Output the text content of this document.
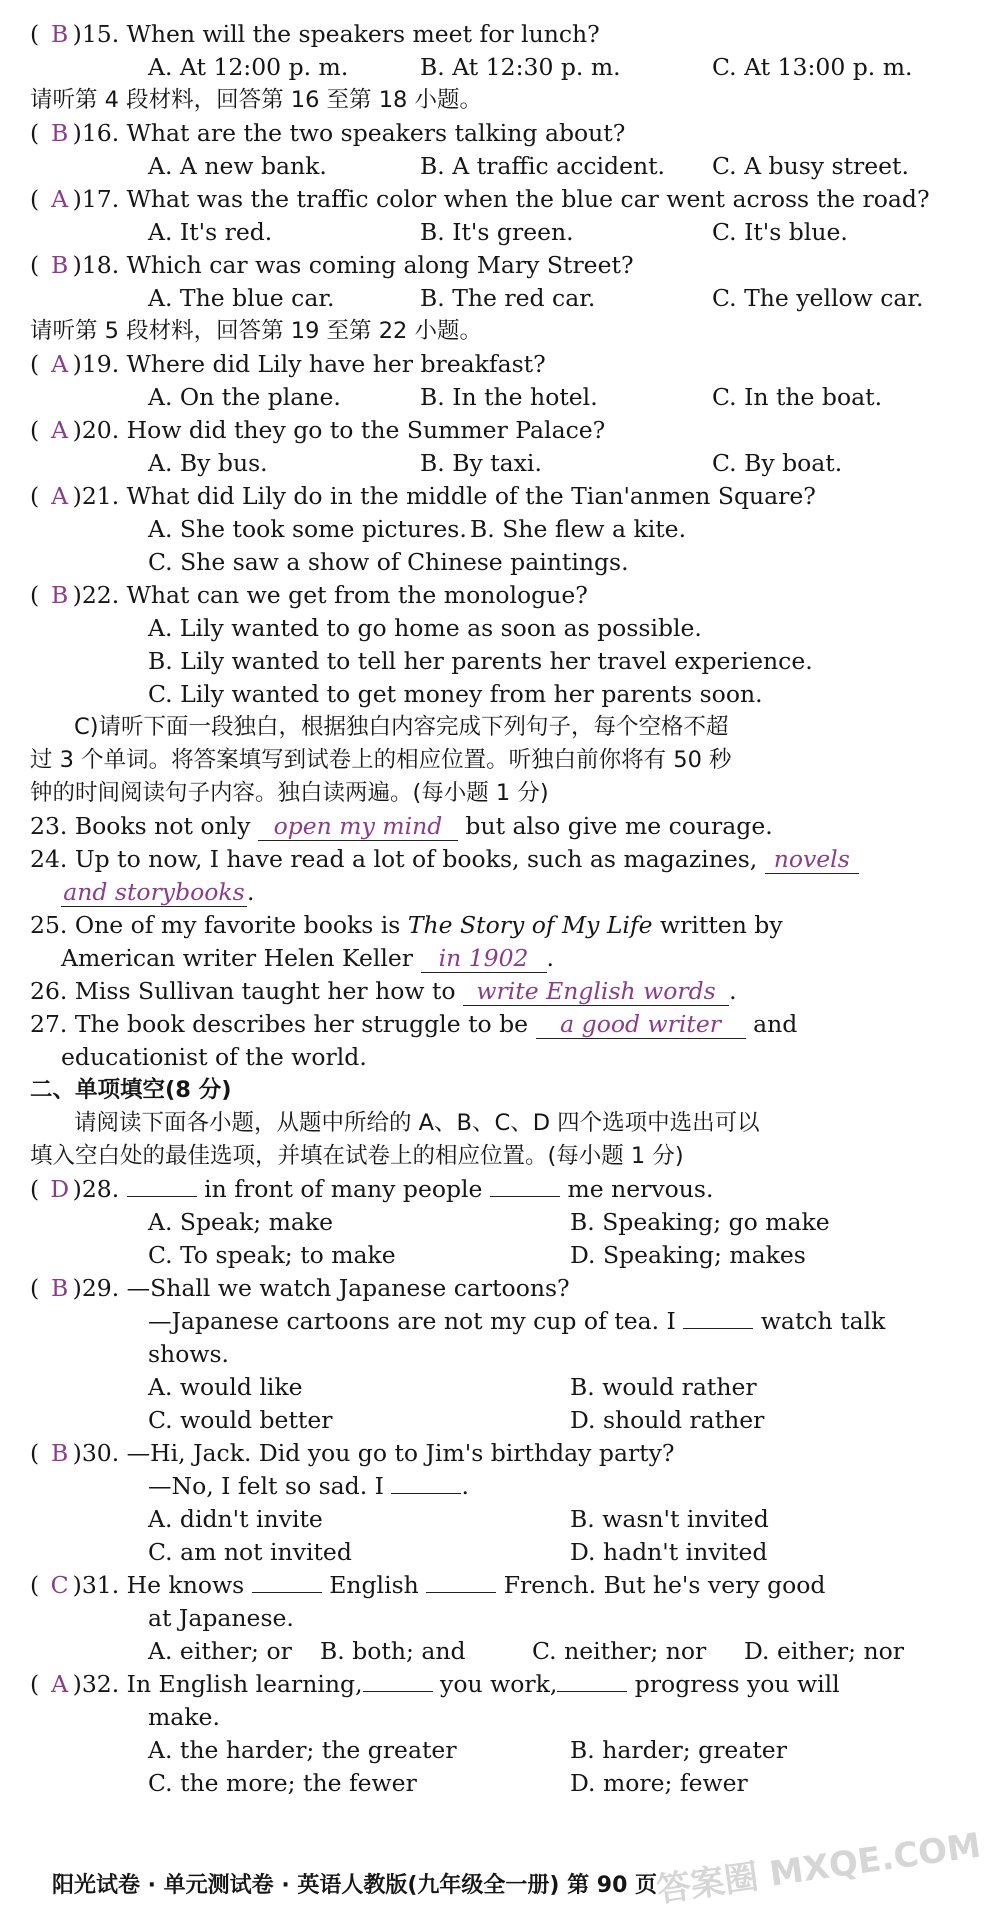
( B )15. When will the speakers meet for lunch?
A. At 12:00 p. m.	B. At 12:30 p. m.	C. At 13:00 p. m.
请听第 4 段材料，回答第 16 至第 18 小题。
( B )16. What are the two speakers talking about?
A. A new bank.	B. A traffic accident.	C. A busy street.
( A )17. What was the traffic color when the blue car went across the road?
A. It's red.	B. It's green.	C. It's blue.
( B )18. Which car was coming along Mary Street?
A. The blue car.	B. The red car.	C. The yellow car.
请听第 5 段材料，回答第 19 至第 22 小题。
( A )19. Where did Lily have her breakfast?
A. On the plane.	B. In the hotel.	C. In the boat.
( A )20. How did they go to the Summer Palace?
A. By bus.	B. By taxi.	C. By boat.
( A )21. What did Lily do in the middle of the Tian'anmen Square?
A. She took some pictures. B. She flew a kite.
C. She saw a show of Chinese paintings.
( B )22. What can we get from the monologue?
A. Lily wanted to go home as soon as possible.
B. Lily wanted to tell her parents her travel experience.
C. Lily wanted to get money from her parents soon.
C)请听下面一段独白，根据独白内容完成下列句子，每个空格不超
过 3 个单词。将答案填写到试卷上的相应位置。听独白前你将有 50 秒
钟的时间阅读句子内容。独白读两遍。(每小题 1 分)
23. Books not only open my mind but also give me courage.
24. Up to now, I have read a lot of books, such as magazines, novels
and storybooks.
25. One of my favorite books is The Story of My Life written by
American writer Helen Keller in 1902 .
26. Miss Sullivan taught her how to write English words .
27. The book describes her struggle to be a good writer and
educationist of the world.
二、单项填空(8 分)
请阅读下面各小题，从题中所给的 A、B、C、D 四个选项中选出可以
填入空白处的最佳选项，并填在试卷上的相应位置。(每小题 1 分)
( D )28.	in front of many people	me nervous.
A. Speak; make	B. Speaking; go make
C. To speak; to make	D. Speaking; makes
( B )29. —Shall we watch Japanese cartoons?
—Japanese cartoons are not my cup of tea. I	watch talk
shows.
A. would like	B. would rather
C. would better	D. should rather
( B )30. —Hi, Jack. Did you go to Jim's birthday party?
—No, I felt so sad. I	.
A. didn't invite	B. wasn't invited
C. am not invited	D. hadn't invited
( C )31. He knows	English	French. But he's very good
at Japanese.
A. either; or	B. both; and	C. neither; nor	D. either; nor
( A )32. In English learning,	you work,	progress you will
make.
A. the harder; the greater	B. harder; greater
C. the more; the fewer	D. more; fewer
阳光试卷 · 单元测试卷 · 英语人教版(九年级全一册) 第 90 页
答案圈 MXQE.COM
